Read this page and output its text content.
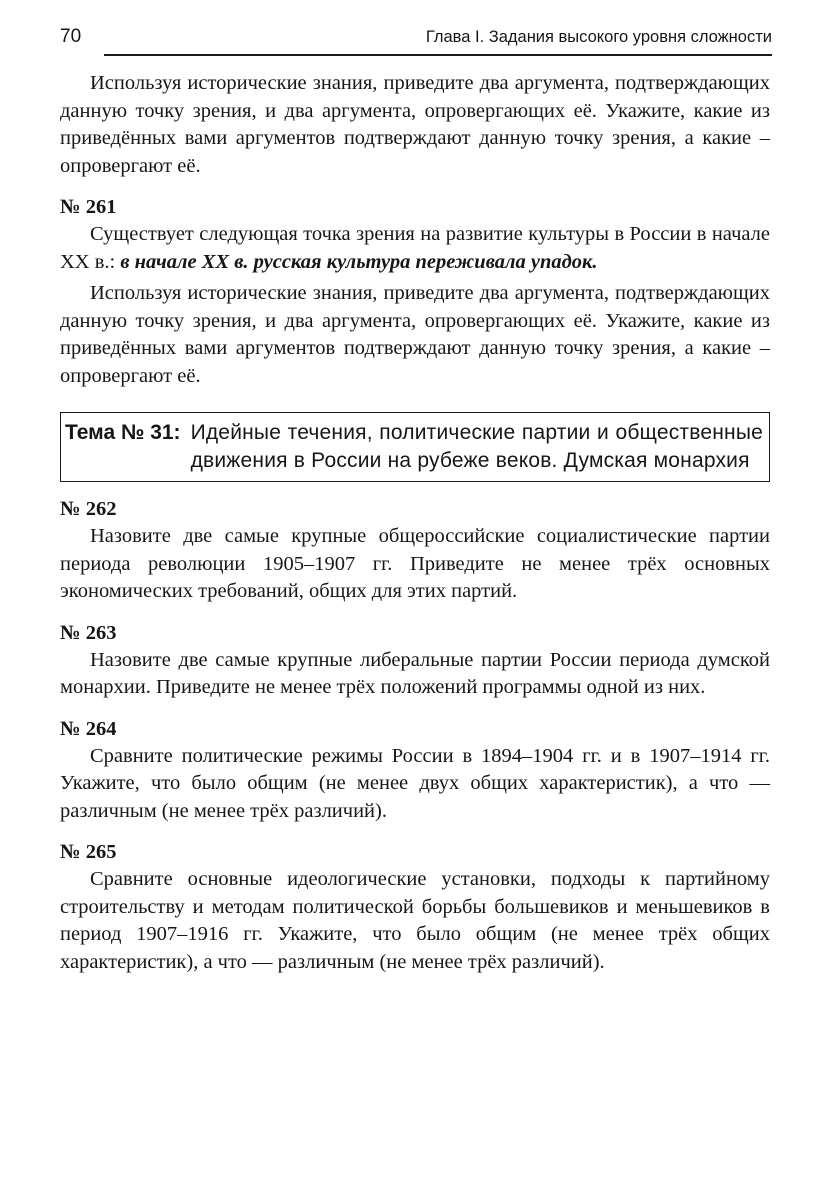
70	Глава I. Задания высокого уровня сложности

Используя исторические знания, приведите два аргумента, подтверждающих данную точку зрения, и два аргумента, опровергающих её. Укажите, какие из приведённых вами аргументов подтверждают данную точку зрения, а какие – опровергают её.

№ 261

Существует следующая точка зрения на развитие культуры в России в начале XX в.: в начале XX в. русская культура переживала упадок.

Используя исторические знания, приведите два аргумента, подтверждающих данную точку зрения, и два аргумента, опровергающих её. Укажите, какие из приведённых вами аргументов подтверждают данную точку зрения, а какие –опровергают её.

Тема № 31: Идейные течения, политические партии и общественные движения в России на рубеже веков. Думская монархия
№ 262

Назовите две самые крупные общероссийские социалистические партии периода революции 1905–1907 гг. Приведите не менее трёх основных экономических требований, общих для этих партий.

№ 263

Назовите две самые крупные либеральные партии России периода думской монархии. Приведите не менее трёх положений программы одной из них.

№ 264

Сравните политические режимы России в 1894–1904 гг. и в 1907–1914 гг. Укажите, что было общим (не менее двух общих характеристик), а что — различным (не менее трёх различий).

№ 265

Сравните основные идеологические установки, подходы к партийному строительству и методам политической борьбы большевиков и меньшевиков в период 1907–1916 гг. Укажите, что было общим (не менее трёх общих характеристик), а что — различным (не менее трёх различий).
